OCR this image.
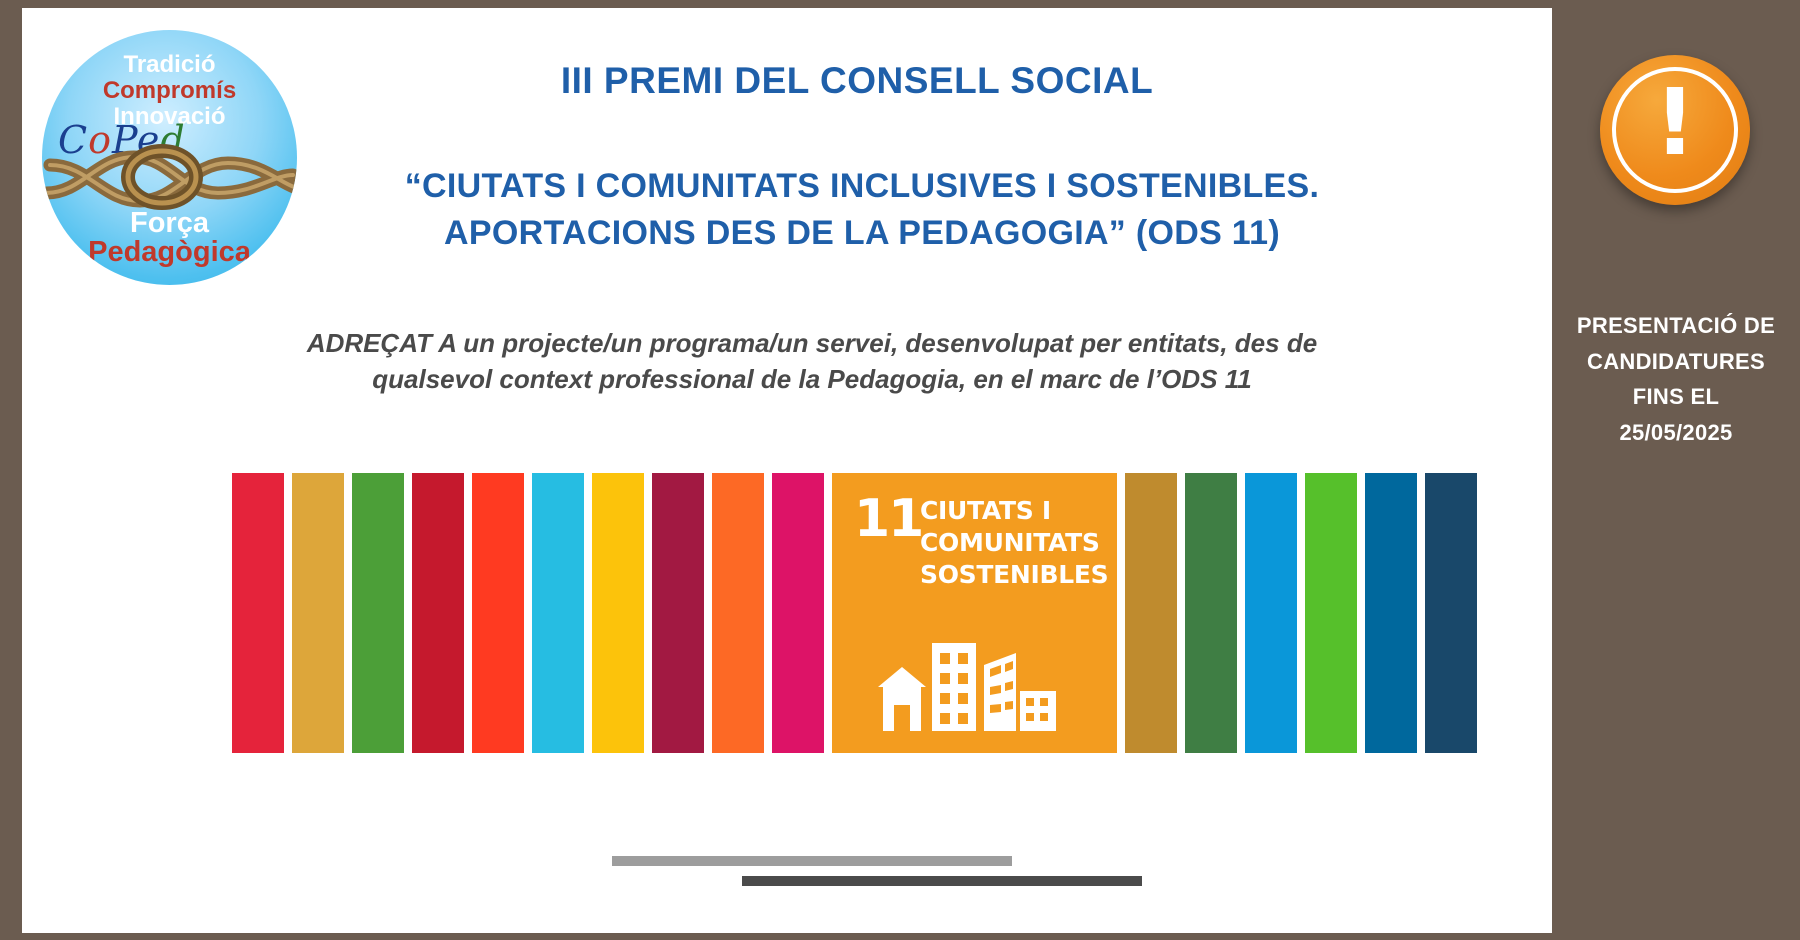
Tradició
Compromís
Innovació
CoPed
Força
Pedagògica
III PREMI DEL CONSELL SOCIAL
“CIUTATS I COMUNITATS INCLUSIVES I SOSTENIBLES.
APORTACIONS DES DE LA PEDAGOGIA” (ODS 11)
ADREÇAT A un projecte/un programa/un servei, desenvolupat per entitats, des de
qualsevol context professional de la Pedagogia, en el marc de l’ODS 11
11
CIUTATS I
COMUNITATS
SOSTENIBLES
!
PRESENTACIÓ DE
CANDIDATURES
FINS EL
25/05/2025
